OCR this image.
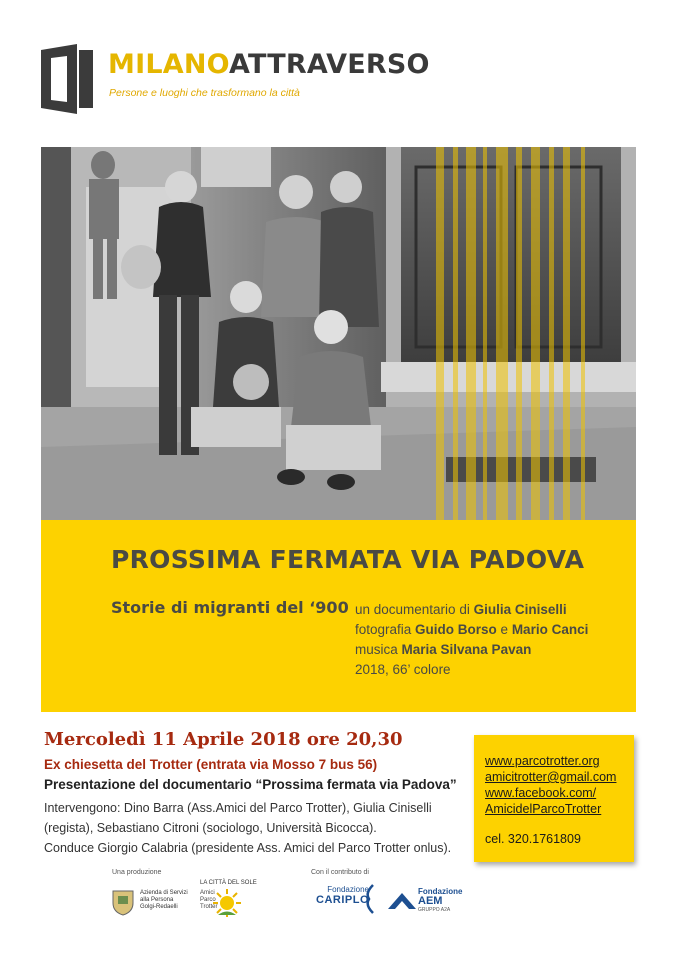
MILANOATTRAVERSO

Persone e luoghi che trasformano la città

PROSSIMA FERMATA VIA PADOVA
Storie di migranti del ‘900 un documentario di Giulia Ciniselli
fotografia Guido Borso e Mario Canci
musica Maria Silvana Pavan
2018, 66’ colore

Mercoledì 11 Aprile 2018 ore 20,30

Ex chiesetta del Trotter (entrata via Mosso 7 bus 56)

Presentazione del documentario “Prossima fermata via Padova”

Intervengono: Dino Barra (Ass.Amici del Parco Trotter), Giulia Ciniselli

(regista), Sebastiano Citroni (sociologo, Università Bicocca).

Conduce Giorgio Calabria (presidente Ass. Amici del Parco Trotter onlus).

www.parcotrotter.org
amicitrotter@gmail.com
www.facebook.com/
AmicidelParcoTrotter
cel. 320.1761809
Una produzione	Con il contributo di
Azienda di Servizi
alla Persona
Golgi-Redaelli
LA CITTÀ DEL SOLE
Amici
Parco
Trotter
Fondazione
CARIPLO
Fondazione
AEM
GRUPPO A2A
